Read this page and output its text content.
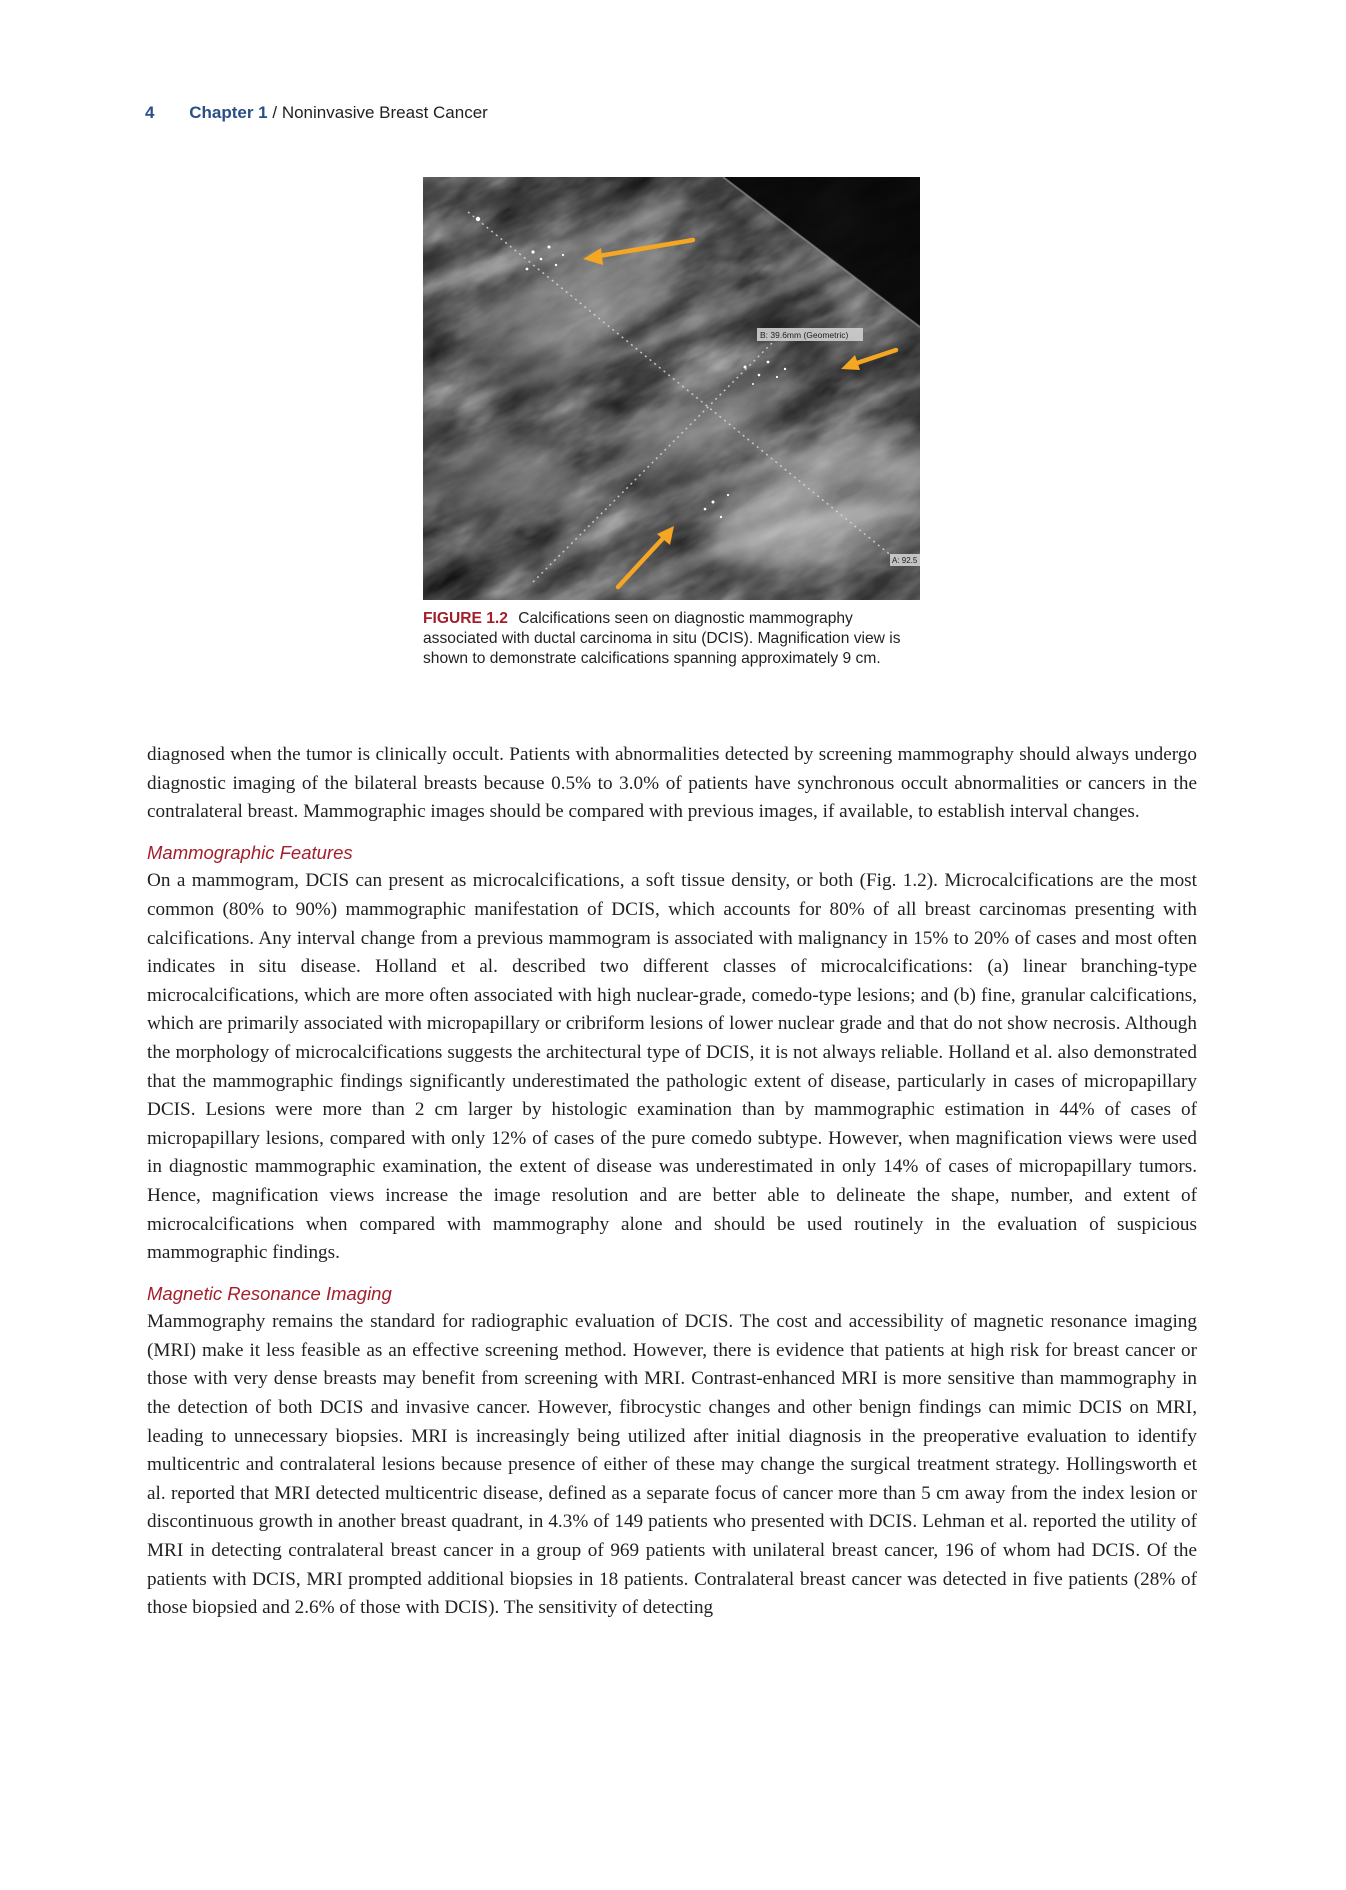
4 Chapter 1 / Noninvasive Breast Cancer
B: 39.6mm (Geometric)
A: 92.5
FIGURE 1.2 Calcifications seen on diagnostic mammography associated with ductal carcinoma in situ (DCIS). Magnification view is shown to demonstrate calcifications spanning approximately 9 cm.

diagnosed when the tumor is clinically occult. Patients with abnormalities detected by screening mammography should always undergo diagnostic imaging of the bilateral breasts because 0.5% to 3.0% of patients have synchronous occult abnormalities or cancers in the contralateral breast. Mammographic images should be compared with previous images, if available, to establish interval changes.

Mammographic Features

On a mammogram, DCIS can present as microcalcifications, a soft tissue density, or both (Fig. 1.2). Microcalcifications are the most common (80% to 90%) mammographic manifestation of DCIS, which accounts for 80% of all breast carcinomas presenting with calcifications. Any interval change from a previous mammogram is associated with malignancy in 15% to 20% of cases and most often indicates in situ disease. Holland et al. described two different classes of microcalcifications: (a) linear branching-type microcalcifications, which are more often associated with high nuclear-grade, comedo-type lesions; and (b) fine, granular calcifications, which are primarily associated with micropapillary or cribriform lesions of lower nuclear grade and that do not show necrosis. Although the morphology of microcalcifications suggests the architectural type of DCIS, it is not always reliable. Holland et al. also demonstrated that the mammographic findings significantly underestimated the pathologic extent of disease, particularly in cases of micropapillary DCIS. Lesions were more than 2 cm larger by histologic examination than by mammographic estimation in 44% of cases of micropapillary lesions, compared with only 12% of cases of the pure comedo subtype. However, when magnification views were used in diagnostic mammographic examination, the extent of disease was underestimated in only 14% of cases of micropapillary tumors. Hence, magnification views increase the image resolution and are better able to delineate the shape, number, and extent of microcalcifications when compared with mammography alone and should be used routinely in the evaluation of suspicious mammographic findings.

Magnetic Resonance Imaging

Mammography remains the standard for radiographic evaluation of DCIS. The cost and accessibility of magnetic resonance imaging (MRI) make it less feasible as an effective screening method. However, there is evidence that patients at high risk for breast cancer or those with very dense breasts may benefit from screening with MRI. Contrast-enhanced MRI is more sensitive than mammography in the detection of both DCIS and invasive cancer. However, fibrocystic changes and other benign findings can mimic DCIS on MRI, leading to unnecessary biopsies. MRI is increasingly being utilized after initial diagnosis in the preoperative evaluation to identify multicentric and contralateral lesions because presence of either of these may change the surgical treatment strategy. Hollingsworth et al. reported that MRI detected multicentric disease, defined as a separate focus of cancer more than 5 cm away from the index lesion or discontinuous growth in another breast quadrant, in 4.3% of 149 patients who presented with DCIS. Lehman et al. reported the utility of MRI in detecting contralateral breast cancer in a group of 969 patients with unilateral breast cancer, 196 of whom had DCIS. Of the patients with DCIS, MRI prompted additional biopsies in 18 patients. Contralateral breast cancer was detected in five patients (28% of those biopsied and 2.6% of those with DCIS). The sensitivity of detecting
